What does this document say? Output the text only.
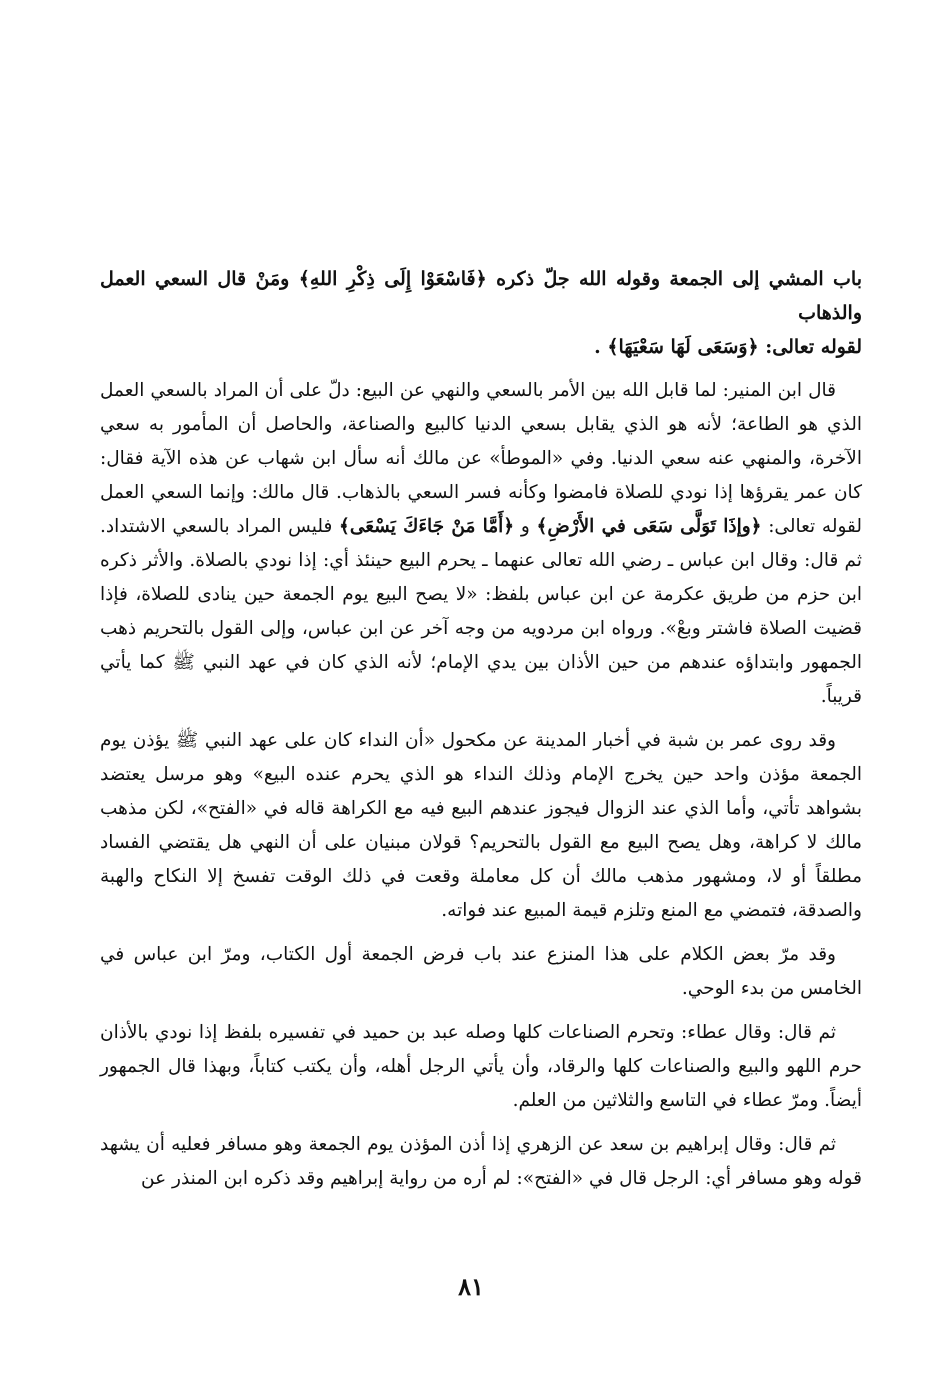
باب المشي إلى الجمعة وقوله الله جلّ ذكره ﴿فَاسْعَوْا إِلَى ذِكْرِ اللهِ﴾ ومَنْ قال السعي العمل والذهاب
لقوله تعالى: ﴿وَسَعَى لَهَا سَعْيَهَا﴾ .

قال ابن المنير: لما قابل الله بين الأمر بالسعي والنهي عن البيع: دلّ على أن المراد بالسعي العمل الذي هو الطاعة؛ لأنه هو الذي يقابل بسعي الدنيا كالبيع والصناعة، والحاصل أن المأمور به سعي الآخرة، والمنهي عنه سعي الدنيا. وفي «الموطأ» عن مالك أنه سأل ابن شهاب عن هذه الآية فقال: كان عمر يقرؤها إذا نودي للصلاة فامضوا وكأنه فسر السعي بالذهاب. قال مالك: وإنما السعي العمل لقوله تعالى: ﴿وإذَا تَوَلَّى سَعَى في الأَرْضِ﴾ و ﴿أَمَّا مَنْ جَاءَكَ يَسْعَى﴾ فليس المراد بالسعي الاشتداد. ثم قال: وقال ابن عباس ـ رضي الله تعالى عنهما ـ يحرم البيع حينئذ أي: إذا نودي بالصلاة. والأثر ذكره ابن حزم من طريق عكرمة عن ابن عباس بلفظ: «لا يصح البيع يوم الجمعة حين ينادى للصلاة، فإذا قضيت الصلاة فاشتر وبعْ». ورواه ابن مردويه من وجه آخر عن ابن عباس، وإلى القول بالتحريم ذهب الجمهور وابتداؤه عندهم من حين الأذان بين يدي الإمام؛ لأنه الذي كان في عهد النبي ﷺ كما يأتي قريباً.

وقد روى عمر بن شبة في أخبار المدينة عن مكحول «أن النداء كان على عهد النبي ﷺ يؤذن يوم الجمعة مؤذن واحد حين يخرج الإمام وذلك النداء هو الذي يحرم عنده البيع» وهو مرسل يعتضد بشواهد تأتي، وأما الذي عند الزوال فيجوز عندهم البيع فيه مع الكراهة قاله في «الفتح»، لكن مذهب مالك لا كراهة، وهل يصح البيع مع القول بالتحريم؟ قولان مبنيان على أن النهي هل يقتضي الفساد مطلقاً أو لا، ومشهور مذهب مالك أن كل معاملة وقعت في ذلك الوقت تفسخ إلا النكاح والهبة والصدقة، فتمضي مع المنع وتلزم قيمة المبيع عند فواته.

وقد مرّ بعض الكلام على هذا المنزع عند باب فرض الجمعة أول الكتاب، ومرّ ابن عباس في الخامس من بدء الوحي.

ثم قال: وقال عطاء: وتحرم الصناعات كلها وصله عبد بن حميد في تفسيره بلفظ إذا نودي بالأذان حرم اللهو والبيع والصناعات كلها والرقاد، وأن يأتي الرجل أهله، وأن يكتب كتاباً، وبهذا قال الجمهور أيضاً. ومرّ عطاء في التاسع والثلاثين من العلم.

ثم قال: وقال إبراهيم بن سعد عن الزهري إذا أذن المؤذن يوم الجمعة وهو مسافر فعليه أن يشهد قوله وهو مسافر أي: الرجل قال في «الفتح»: لم أره من رواية إبراهيم وقد ذكره ابن المنذر عن

٨١
